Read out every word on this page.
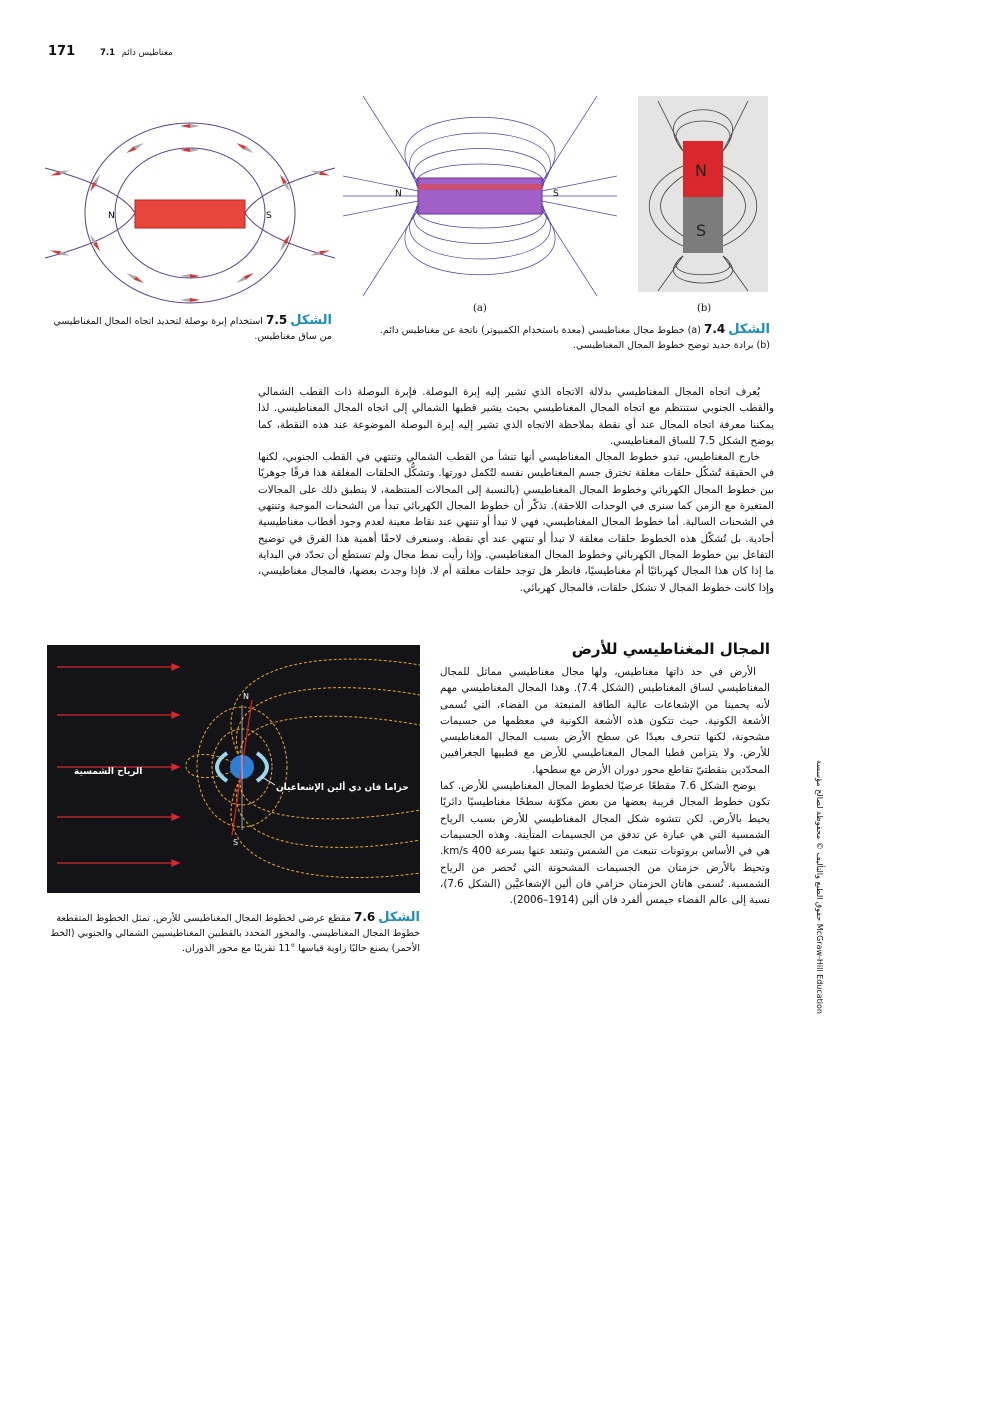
171	7.1 مغناطيس دائم
N	S
الشكل 7.5 استخدام إبرة بوصلة لتحديد اتجاه المجال المغناطيسي من ساق مغناطيس.
N	S
(a)
N
S
(b)
الشكل 7.4 (a) خطوط مجال مغناطيسي (معدة باستخدام الكمبيوتر) ناتجة عن مغناطيس دائم. (b) برادة حديد توضح خطوط المجال المغناطيسي.

يُعرف اتجاه المجال المغناطيسي بدلالة الاتجاه الذي تشير إليه إبرة البوصلة. فإبرة البوصلة ذات القطب الشمالي والقطب الجنوبي ستنتظم مع اتجاه المجال المغناطيسي بحيث يشير قطبها الشمالي إلى اتجاه المجال المغناطيسي. لذا يمكننا معرفة اتجاه المجال عند أي نقطة بملاحظة الاتجاه الذي تشير إليه إبرة البوصلة الموضوعة عند هذه النقطة، كما يوضح الشكل 7.5 للساق المغناطيسي.

خارج المغناطيس، تبدو خطوط المجال المغناطيسي أنها تنشأ من القطب الشمالي وتنتهي في القطب الجنوبي، لكنها في الحقيقة تُشكّل حلقات مغلقة تخترق جسم المغناطيس نفسه لتُكمل دورتها. وتشكُّل الحلقات المغلقة هذا فرقًا جوهريًا بين خطوط المجال الكهربائي وخطوط المجال المغناطيسي (بالنسبة إلى المجالات المنتظمة، لا ينطبق ذلك على المجالات المتغيرة مع الزمن كما سنرى في الوحدات اللاحقة). تذكّر أن خطوط المجال الكهربائي تبدأ من الشحنات الموجبة وتنتهي في الشحنات السالبة. أما خطوط المجال المغناطيسي، فهي لا تبدأ أو تنتهي عند نقاط معينة لعدم وجود أقطاب مغناطيسية أحادية. بل تُشكّل هذه الخطوط حلقات مغلقة لا تبدأ أو تنتهي عند أي نقطة. وسنعرف لاحقًا أهمية هذا الفرق في توضيح التفاعل بين خطوط المجال الكهربائي وخطوط المجال المغناطيسي. وإذا رأيت نمط مجال ولم تستطع أن تحدّد في البداية ما إذا كان هذا المجال كهربائيًا أم مغناطيسيًا، فانظر هل توجد حلقات مغلقة أم لا. فإذا وجدتَ بعضها، فالمجال مغناطيسي، وإذا كانت خطوط المجال لا تشكل حلقات، فالمجال كهربائي.

المجال المغناطيسي للأرض

الأرض في حد ذاتها مغناطيس، ولها مجال مغناطيسي مماثل للمجال المغناطيسي لساق المغناطيس (الشكل 7.4). وهذا المجال المغناطيسي مهم لأنه يحمينا من الإشعاعات عالية الطاقة المنبعثة من الفضاء، التي تُسمى الأشعة الكونية. حيث تتكون هذه الأشعة الكونية في معظمها من جسيمات مشحونة، لكنها تنحرف بعيدًا عن سطح الأرض بسبب المجال المغناطيسي للأرض. ولا يتزامن قطبا المجال المغناطيسي للأرض مع قطبيها الجغرافيين المحدّدين بنقطتيّ تقاطع محور دوران الأرض مع سطحها.

يوضح الشكل 7.6 مقطعًا عرضيًا لخطوط المجال المغناطيسي للأرض. كما تكون خطوط المجال قريبة بعضها من بعض مكوّنة سطحًا مغناطيسيًا دائريًا يحيط بالأرض. لكن تتشوه شكل المجال المغناطيسي للأرض بسبب الرياح الشمسية التي هي عبارة عن تدفق من الجسيمات المتأينة. وهذه الجسيمات هي في الأساس بروتونات تنبعث من الشمس وتبتعد عنها بسرعة km/s 400. وتحيط بالأرض حزمتان من الجسيمات المشحونة التي تُحصر من الرياح الشمسية. تُسمى هاتان الحزمتان حزامَي فان ألين الإشعاعيَّين (الشكل 7.6)، نسبة إلى عالم الفضاء جيمس ألفرد فان ألين (1914–2006).

N
S
الرياح الشمسية
حزاما فان دي ألين الإشعاعيان
الشكل 7.6 مقطع عرضي لخطوط المجال المغناطيسي للأرض. تمثل الخطوط المتقطعة خطوط المجال المغناطيسي. والمحور المحدد بالقطبين المغناطيسيين الشمالي والجنوبي (الخط الأحمر) يصنع حاليًا زاوية قياسها °11 تقريبًا مع محور الدوران.
حقوق الطبع والتأليف © محفوظة لصالح مؤسسة McGraw-Hill Education
